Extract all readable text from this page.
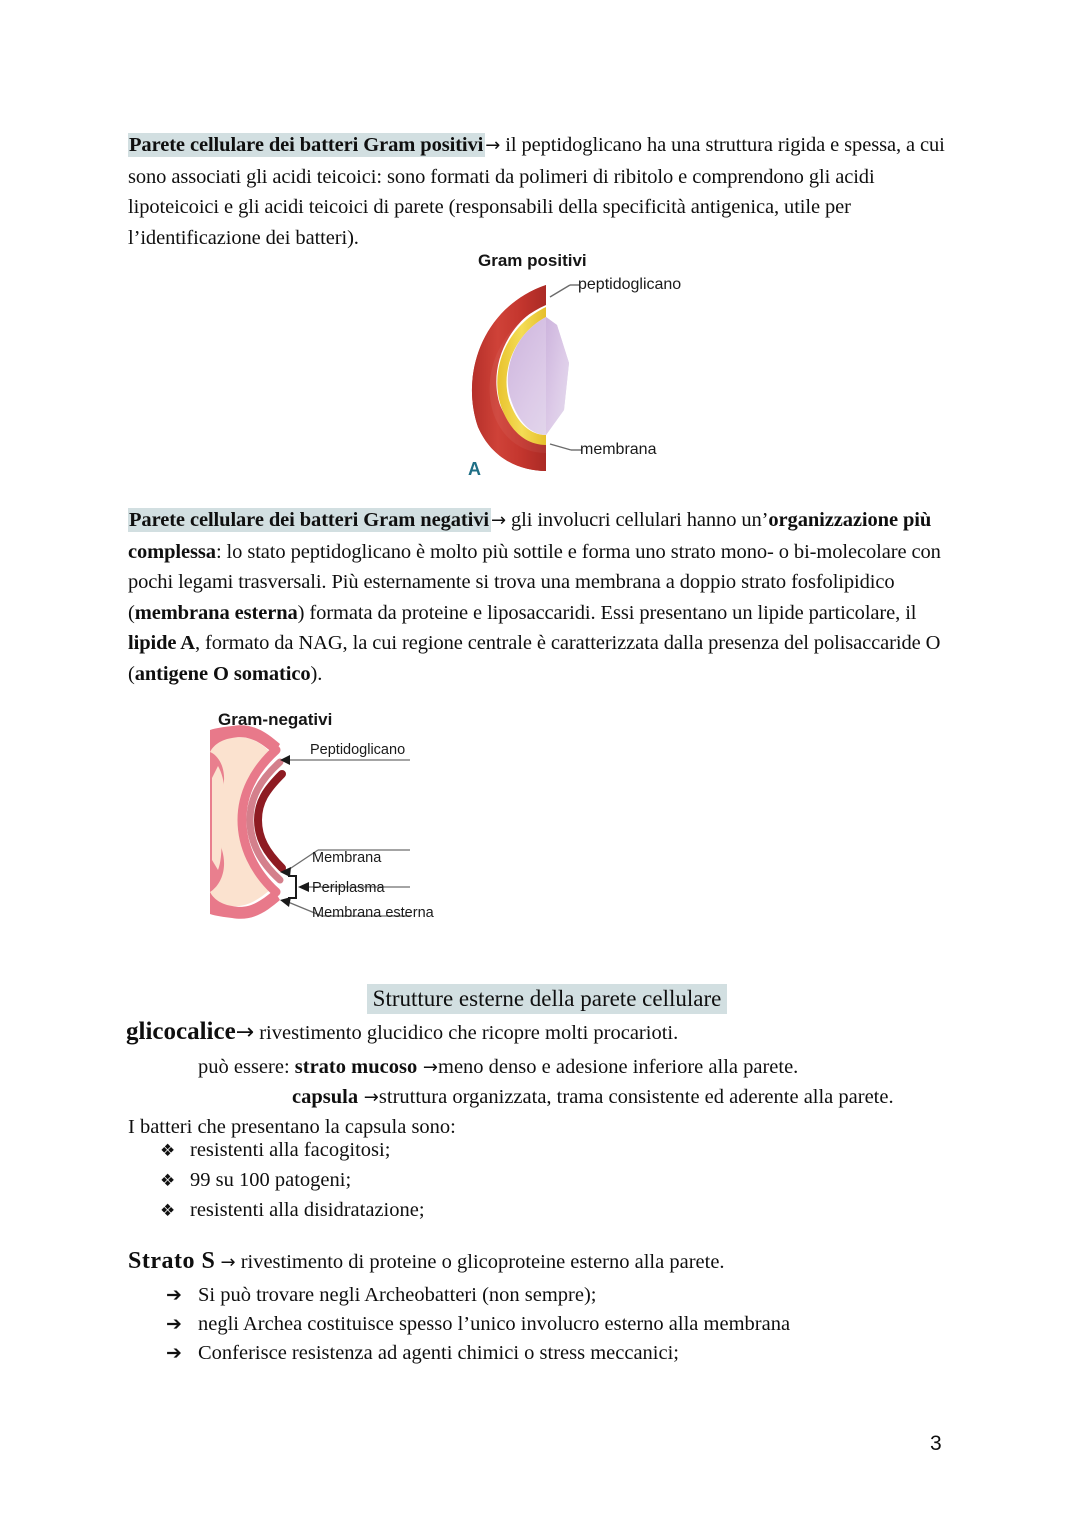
Parete cellulare dei batteri Gram positivi → il peptidoglicano ha una struttura rigida e spessa, a cui sono associati gli acidi teicoici: sono formati da polimeri di ribitolo e comprendono gli acidi lipoteicoici e gli acidi teicoici di parete (responsabili della specificità antigenica, utile per l’identificazione dei batteri).
Gram positivi
peptidoglicano
membrana
A
Parete cellulare dei batteri Gram negativi → gli involucri cellulari hanno un’organizzazione più complessa: lo stato peptidoglicano è molto più sottile e forma uno strato mono- o bi-molecolare con pochi legami trasversali. Più esternamente si trova una membrana a doppio strato fosfolipidico (membrana esterna) formata da proteine e liposaccaridi. Essi presentano un lipide particolare, il lipide A, formato da NAG, la cui regione centrale è caratterizzata dalla presenza del polisaccaride O (antigene O somatico).
Gram-negativi
Peptidoglicano
Membrana
Periplasma
Membrana esterna
Strutture esterne della parete cellulare
glicocalice→ rivestimento glucidico che ricopre molti procarioti.
può essere: strato mucoso →meno denso e adesione inferiore alla parete.
capsula →struttura organizzata, trama consistente ed aderente alla parete.
I batteri che presentano la capsula sono:
❖ resistenti alla facogitosi;
❖ 99 su 100 patogeni;
❖ resistenti alla disidratazione;
Strato S → rivestimento di proteine o glicoproteine esterno alla parete.
➔ Si può trovare negli Archeobatteri (non sempre);
➔ negli Archea costituisce spesso l’unico involucro esterno alla membrana
➔ Conferisce resistenza ad agenti chimici o stress meccanici;
3
